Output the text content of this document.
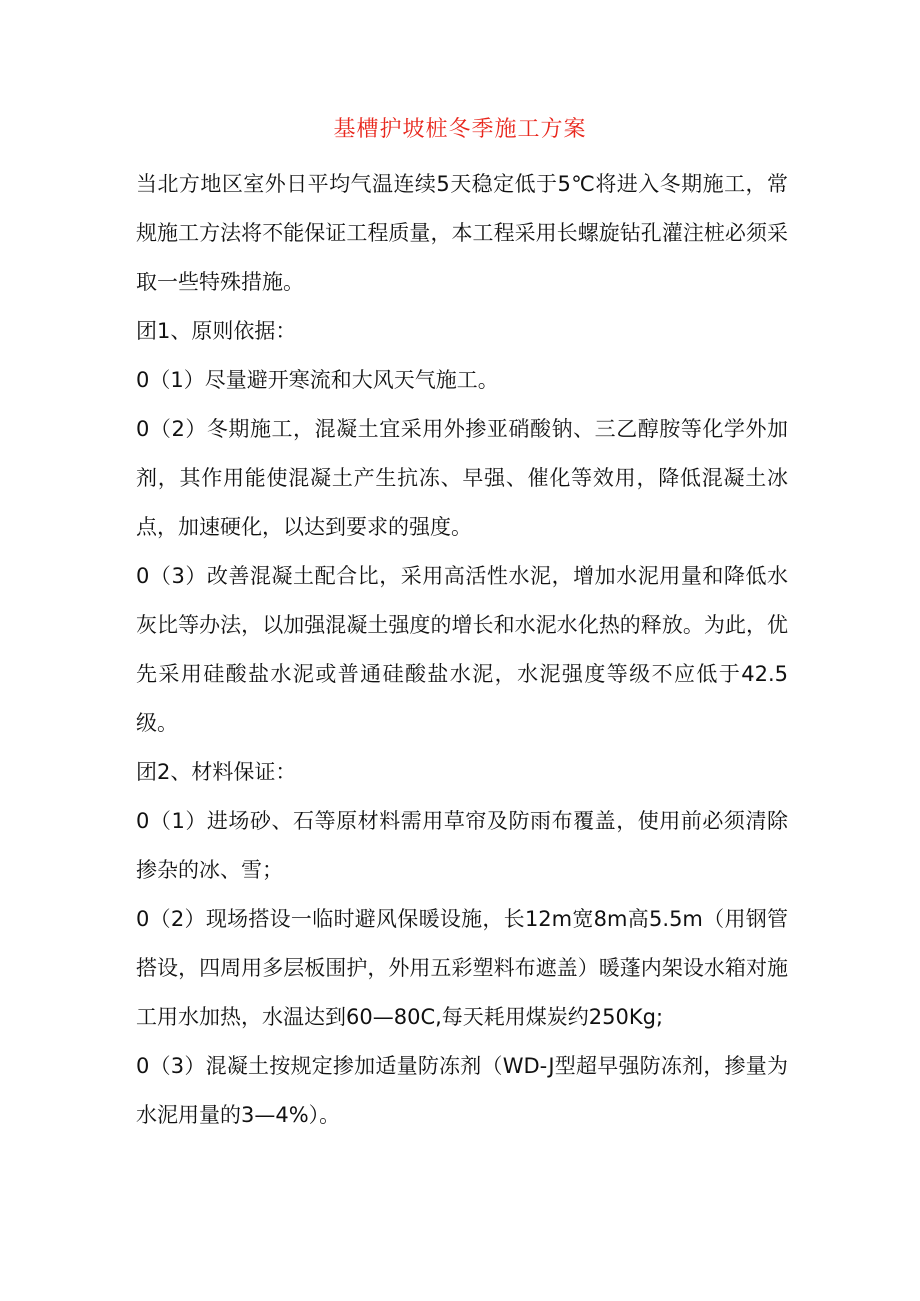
基槽护坡桩冬季施工方案

当北方地区室外日平均气温连续5天稳定低于5℃将进入冬期施工，常规施工方法将不能保证工程质量，本工程采用长螺旋钻孔灌注桩必须采取一些特殊措施。

团1、原则依据：

0（1）尽量避开寒流和大风天气施工。

0（2）冬期施工，混凝土宜采用外掺亚硝酸钠、三乙醇胺等化学外加剂，其作用能使混凝土产生抗冻、早强、催化等效用，降低混凝土冰点，加速硬化，以达到要求的强度。

0（3）改善混凝土配合比，采用高活性水泥，增加水泥用量和降低水灰比等办法，以加强混凝土强度的增长和水泥水化热的释放。为此，优先采用硅酸盐水泥或普通硅酸盐水泥，水泥强度等级不应低于42.5级。

团2、材料保证：

0（1）进场砂、石等原材料需用草帘及防雨布覆盖，使用前必须清除掺杂的冰、雪；

0（2）现场搭设一临时避风保暖设施，长12m宽8m高5.5m（用钢管搭设，四周用多层板围护，外用五彩塑料布遮盖）暖蓬内架设水箱对施工用水加热，水温达到60—80C,每天耗用煤炭约250Kg;

0（3）混凝土按规定掺加适量防冻剂（WD-J型超早强防冻剂，掺量为水泥用量的3—4%）。
